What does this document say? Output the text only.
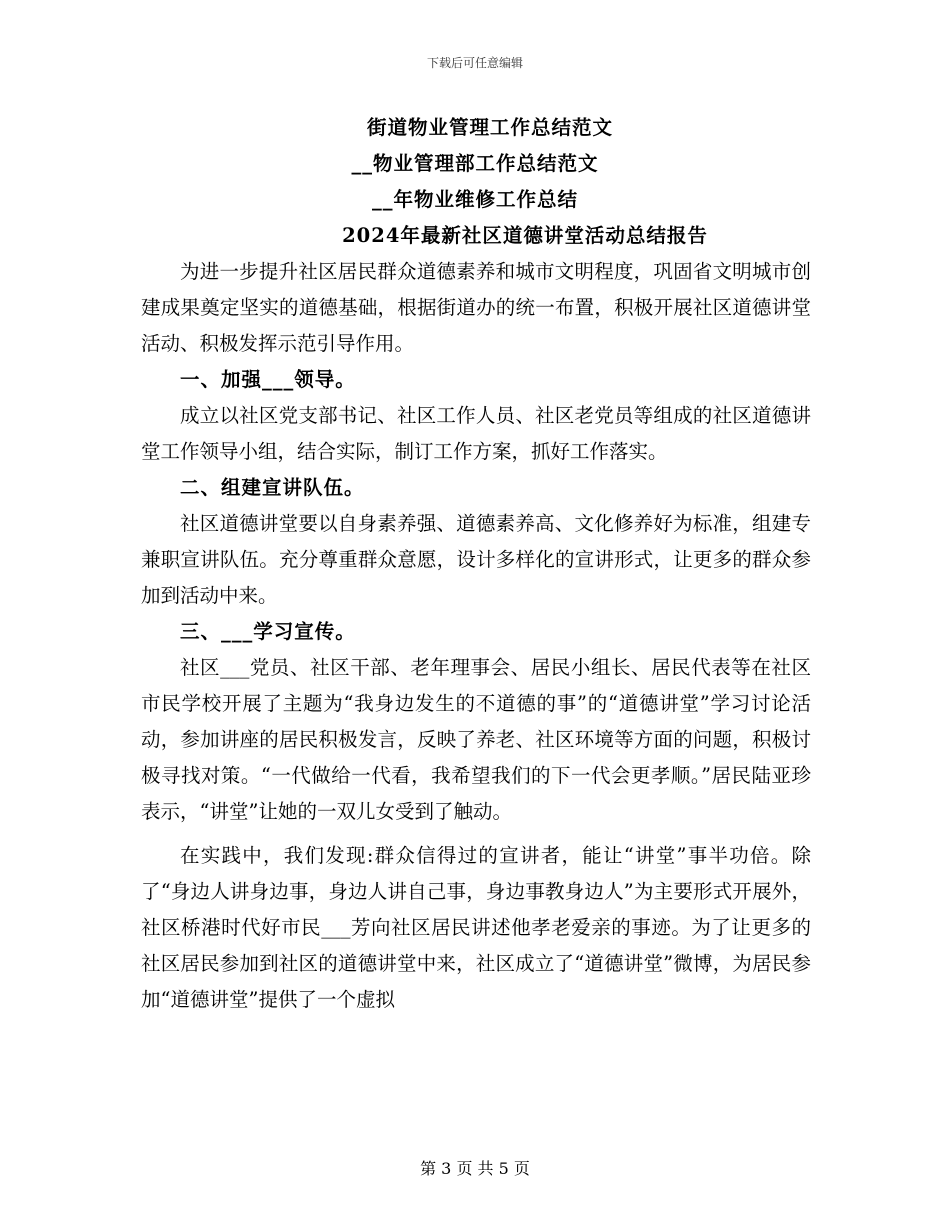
下载后可任意编辑
街道物业管理工作总结范文
__物业管理部工作总结范文
__年物业维修工作总结
2024年最新社区道德讲堂活动总结报告

为进一步提升社区居民群众道德素养和城市文明程度，巩固省文明城市创建成果奠定坚实的道德基础，根据街道办的统一布置，积极开展社区道德讲堂活动、积极发挥示范引导作用。

一、加强___领导。

成立以社区党支部书记、社区工作人员、社区老党员等组成的社区道德讲堂工作领导小组，结合实际，制订工作方案，抓好工作落实。

二、组建宣讲队伍。

社区道德讲堂要以自身素养强、道德素养高、文化修养好为标准，组建专兼职宣讲队伍。充分尊重群众意愿，设计多样化的宣讲形式，让更多的群众参加到活动中来。

三、___学习宣传。

社区___党员、社区干部、老年理事会、居民小组长、居民代表等在社区市民学校开展了主题为“我身边发生的不道德的事”的“道德讲堂”学习讨论活动，参加讲座的居民积极发言，反映了养老、社区环境等方面的问题，积极讨极寻找对策。“一代做给一代看，我希望我们的下一代会更孝顺。”居民陆亚珍表示，“讲堂”让她的一双儿女受到了触动。

在实践中，我们发现:群众信得过的宣讲者，能让“讲堂”事半功倍。除了“身边人讲身边事，身边人讲自己事，身边事教身边人”为主要形式开展外，社区桥港时代好市民___芳向社区居民讲述他孝老爱亲的事迹。为了让更多的社区居民参加到社区的道德讲堂中来，社区成立了“道德讲堂”微博，为居民参加“道德讲堂”提供了一个虚拟

第 3 页 共 5 页
